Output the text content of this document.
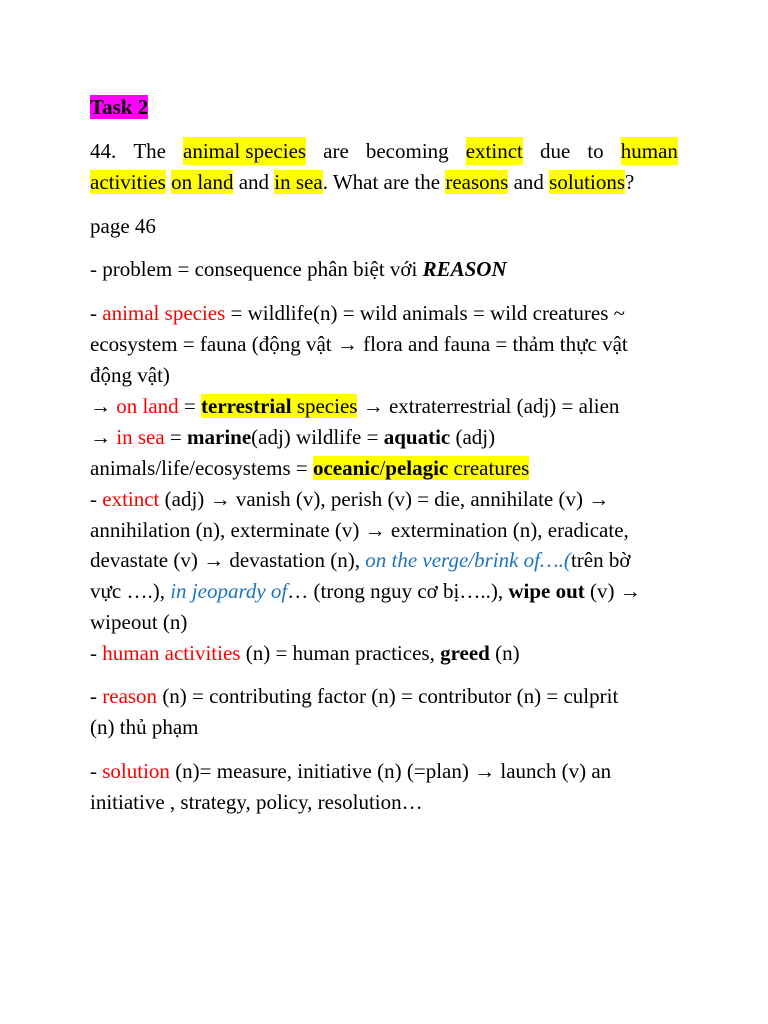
Task 2
44. The animal species are becoming extinct due to human
activities on land and in sea. What are the reasons and solutions?
page 46
- problem = consequence phân biệt với REASON
- animal species = wildlife(n) = wild animals = wild creatures ~
ecosystem = fauna (động vật → flora and fauna = thảm thực vật
động vật)
→ on land = terrestrial species → extraterrestrial (adj) = alien
→ in sea = marine(adj) wildlife = aquatic (adj)
animals/life/ecosystems = oceanic/pelagic creatures
- extinct (adj) → vanish (v), perish (v) = die, annihilate (v) →
annihilation (n), exterminate (v) → extermination (n), eradicate,
devastate (v) → devastation (n), on the verge/brink of….(trên bờ
vực ….), in jeopardy of… (trong nguy cơ bị…..), wipe out (v) →
wipeout (n)
- human activities (n) = human practices, greed (n)
- reason (n) = contributing factor (n) = contributor (n) = culprit
(n) thủ phạm
- solution (n)= measure, initiative (n) (=plan) → launch (v) an
initiative , strategy, policy, resolution…
